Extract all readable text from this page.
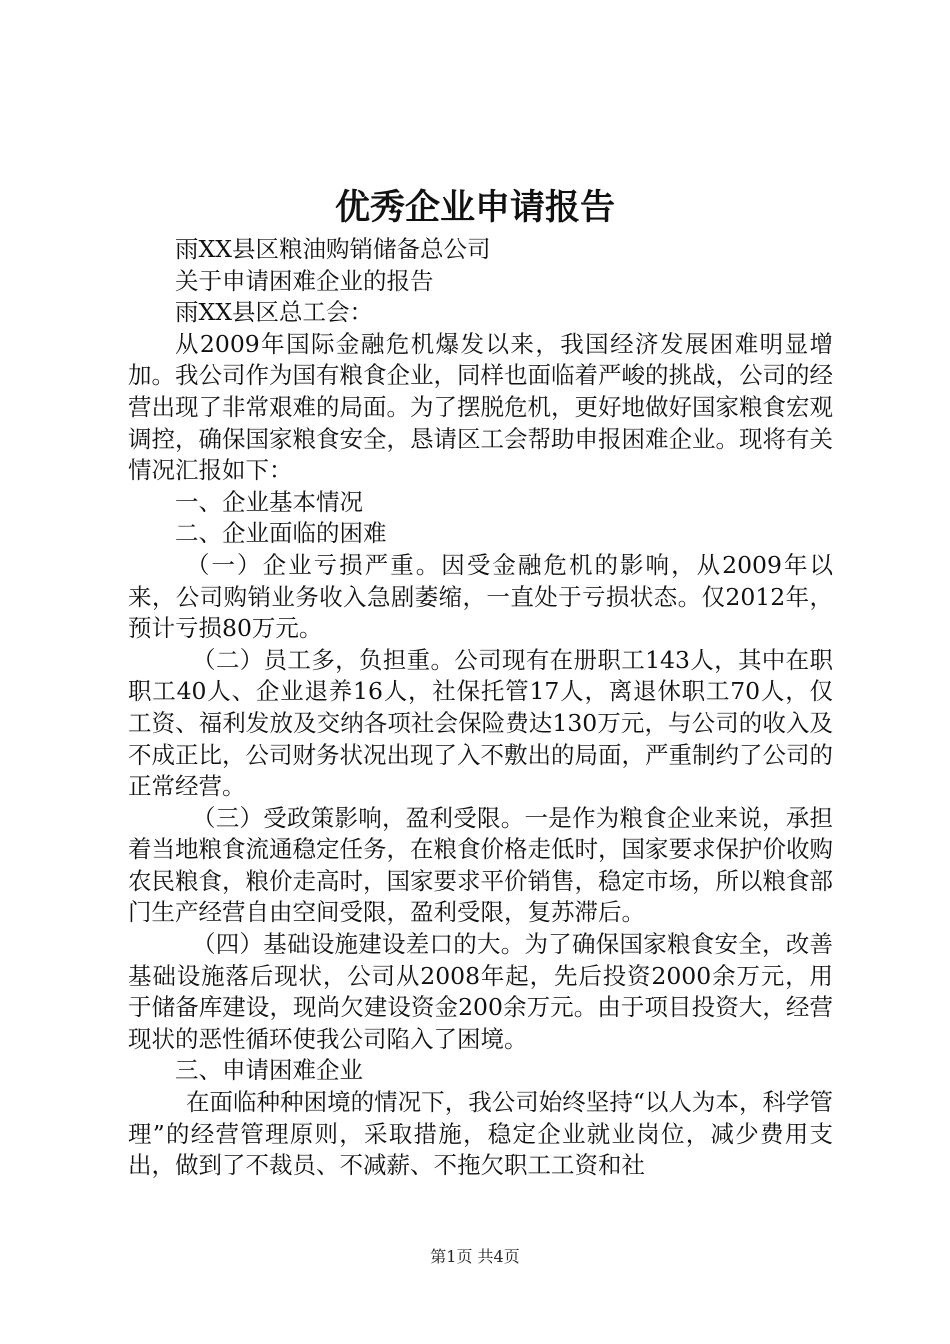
优秀企业申请报告

雨XX县区粮油购销储备总公司

关于申请困难企业的报告

雨XX县区总工会：

从2009年国际金融危机爆发以来，我国经济发展困难明显增加。我公司作为国有粮食企业，同样也面临着严峻的挑战，公司的经营出现了非常艰难的局面。为了摆脱危机，更好地做好国家粮食宏观调控，确保国家粮食安全，恳请区工会帮助申报困难企业。现将有关情况汇报如下：

一、企业基本情况

二、企业面临的困难

（一）企业亏损严重。因受金融危机的影响，从2009年以来，公司购销业务收入急剧萎缩，一直处于亏损状态。仅2012年，预计亏损80万元。

（二）员工多，负担重。公司现有在册职工143人，其中在职职工40人、企业退养16人，社保托管17人，离退休职工70人，仅工资、福利发放及交纳各项社会保险费达130万元，与公司的收入及不成正比，公司财务状况出现了入不敷出的局面，严重制约了公司的正常经营。

（三）受政策影响，盈利受限。一是作为粮食企业来说，承担着当地粮食流通稳定任务，在粮食价格走低时，国家要求保护价收购农民粮食，粮价走高时，国家要求平价销售，稳定市场，所以粮食部门生产经营自由空间受限，盈利受限，复苏滞后。

（四）基础设施建设差口的大。为了确保国家粮食安全，改善基础设施落后现状，公司从2008年起，先后投资2000余万元，用于储备库建设，现尚欠建设资金200余万元。由于项目投资大，经营现状的恶性循环使我公司陷入了困境。

三、申请困难企业

在面临种种困境的情况下，我公司始终坚持“以人为本，科学管理”的经营管理原则，采取措施，稳定企业就业岗位，减少费用支出，做到了不裁员、不减薪、不拖欠职工工资和社

第1页 共4页
